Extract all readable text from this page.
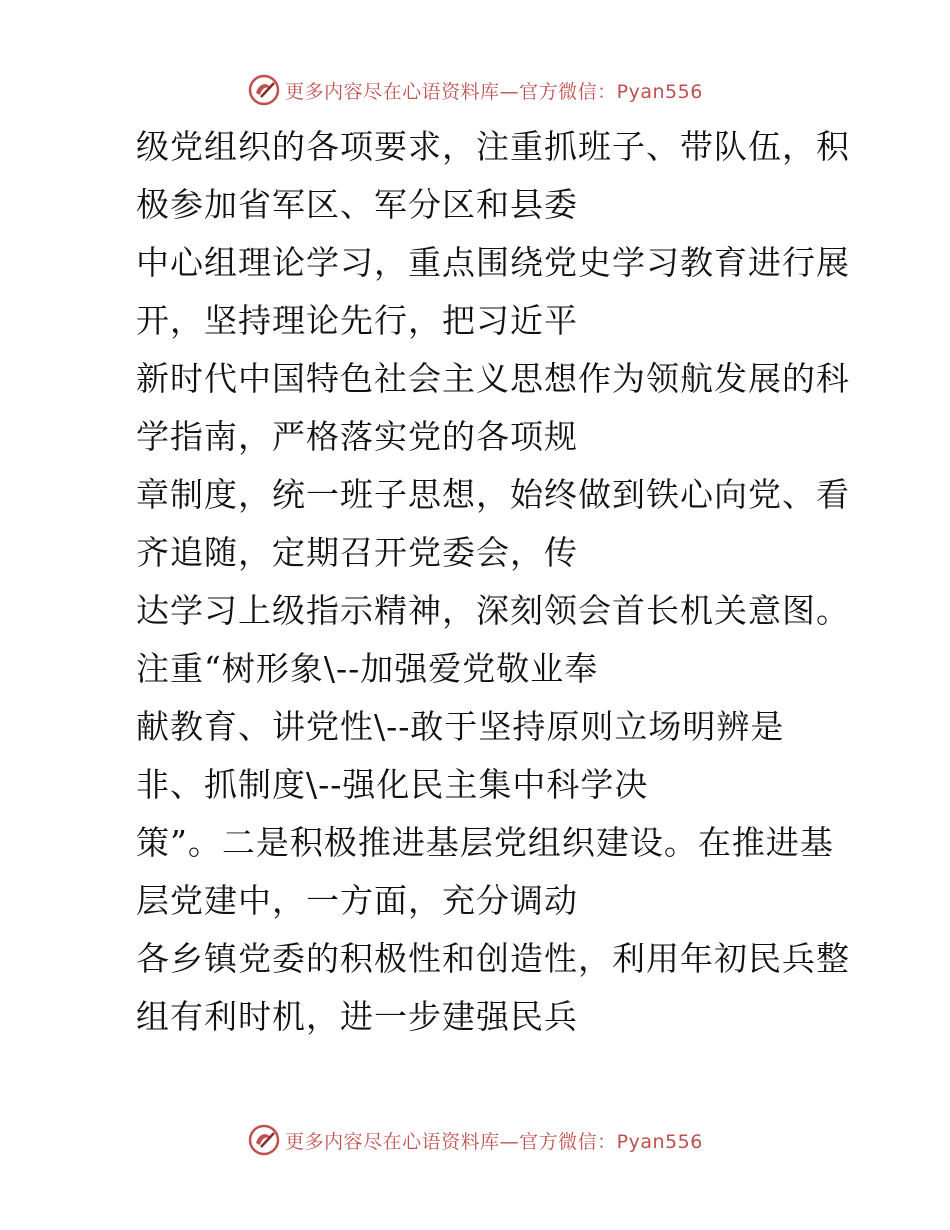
更多内容尽在心语资料库—官方微信：Pyan556

级党组织的各项要求，注重抓班子、带队伍，积
极参加省军区、军分区和县委

中心组理论学习，重点围绕党史学习教育进行展
开，坚持理论先行，把习近平

新时代中国特色社会主义思想作为领航发展的科
学指南，严格落实党的各项规

章制度，统一班子思想，始终做到铁心向党、看
齐追随，定期召开党委会，传

达学习上级指示精神，深刻领会首长机关意图。
注重“树形象\--加强爱党敬业奉

献教育、讲党性\--敢于坚持原则立场明辨是
非、抓制度\--强化民主集中科学决

策”。二是积极推进基层党组织建设。在推进基
层党建中，一方面，充分调动

各乡镇党委的积极性和创造性，利用年初民兵整
组有利时机，进一步建强民兵

更多内容尽在心语资料库—官方微信：Pyan556
